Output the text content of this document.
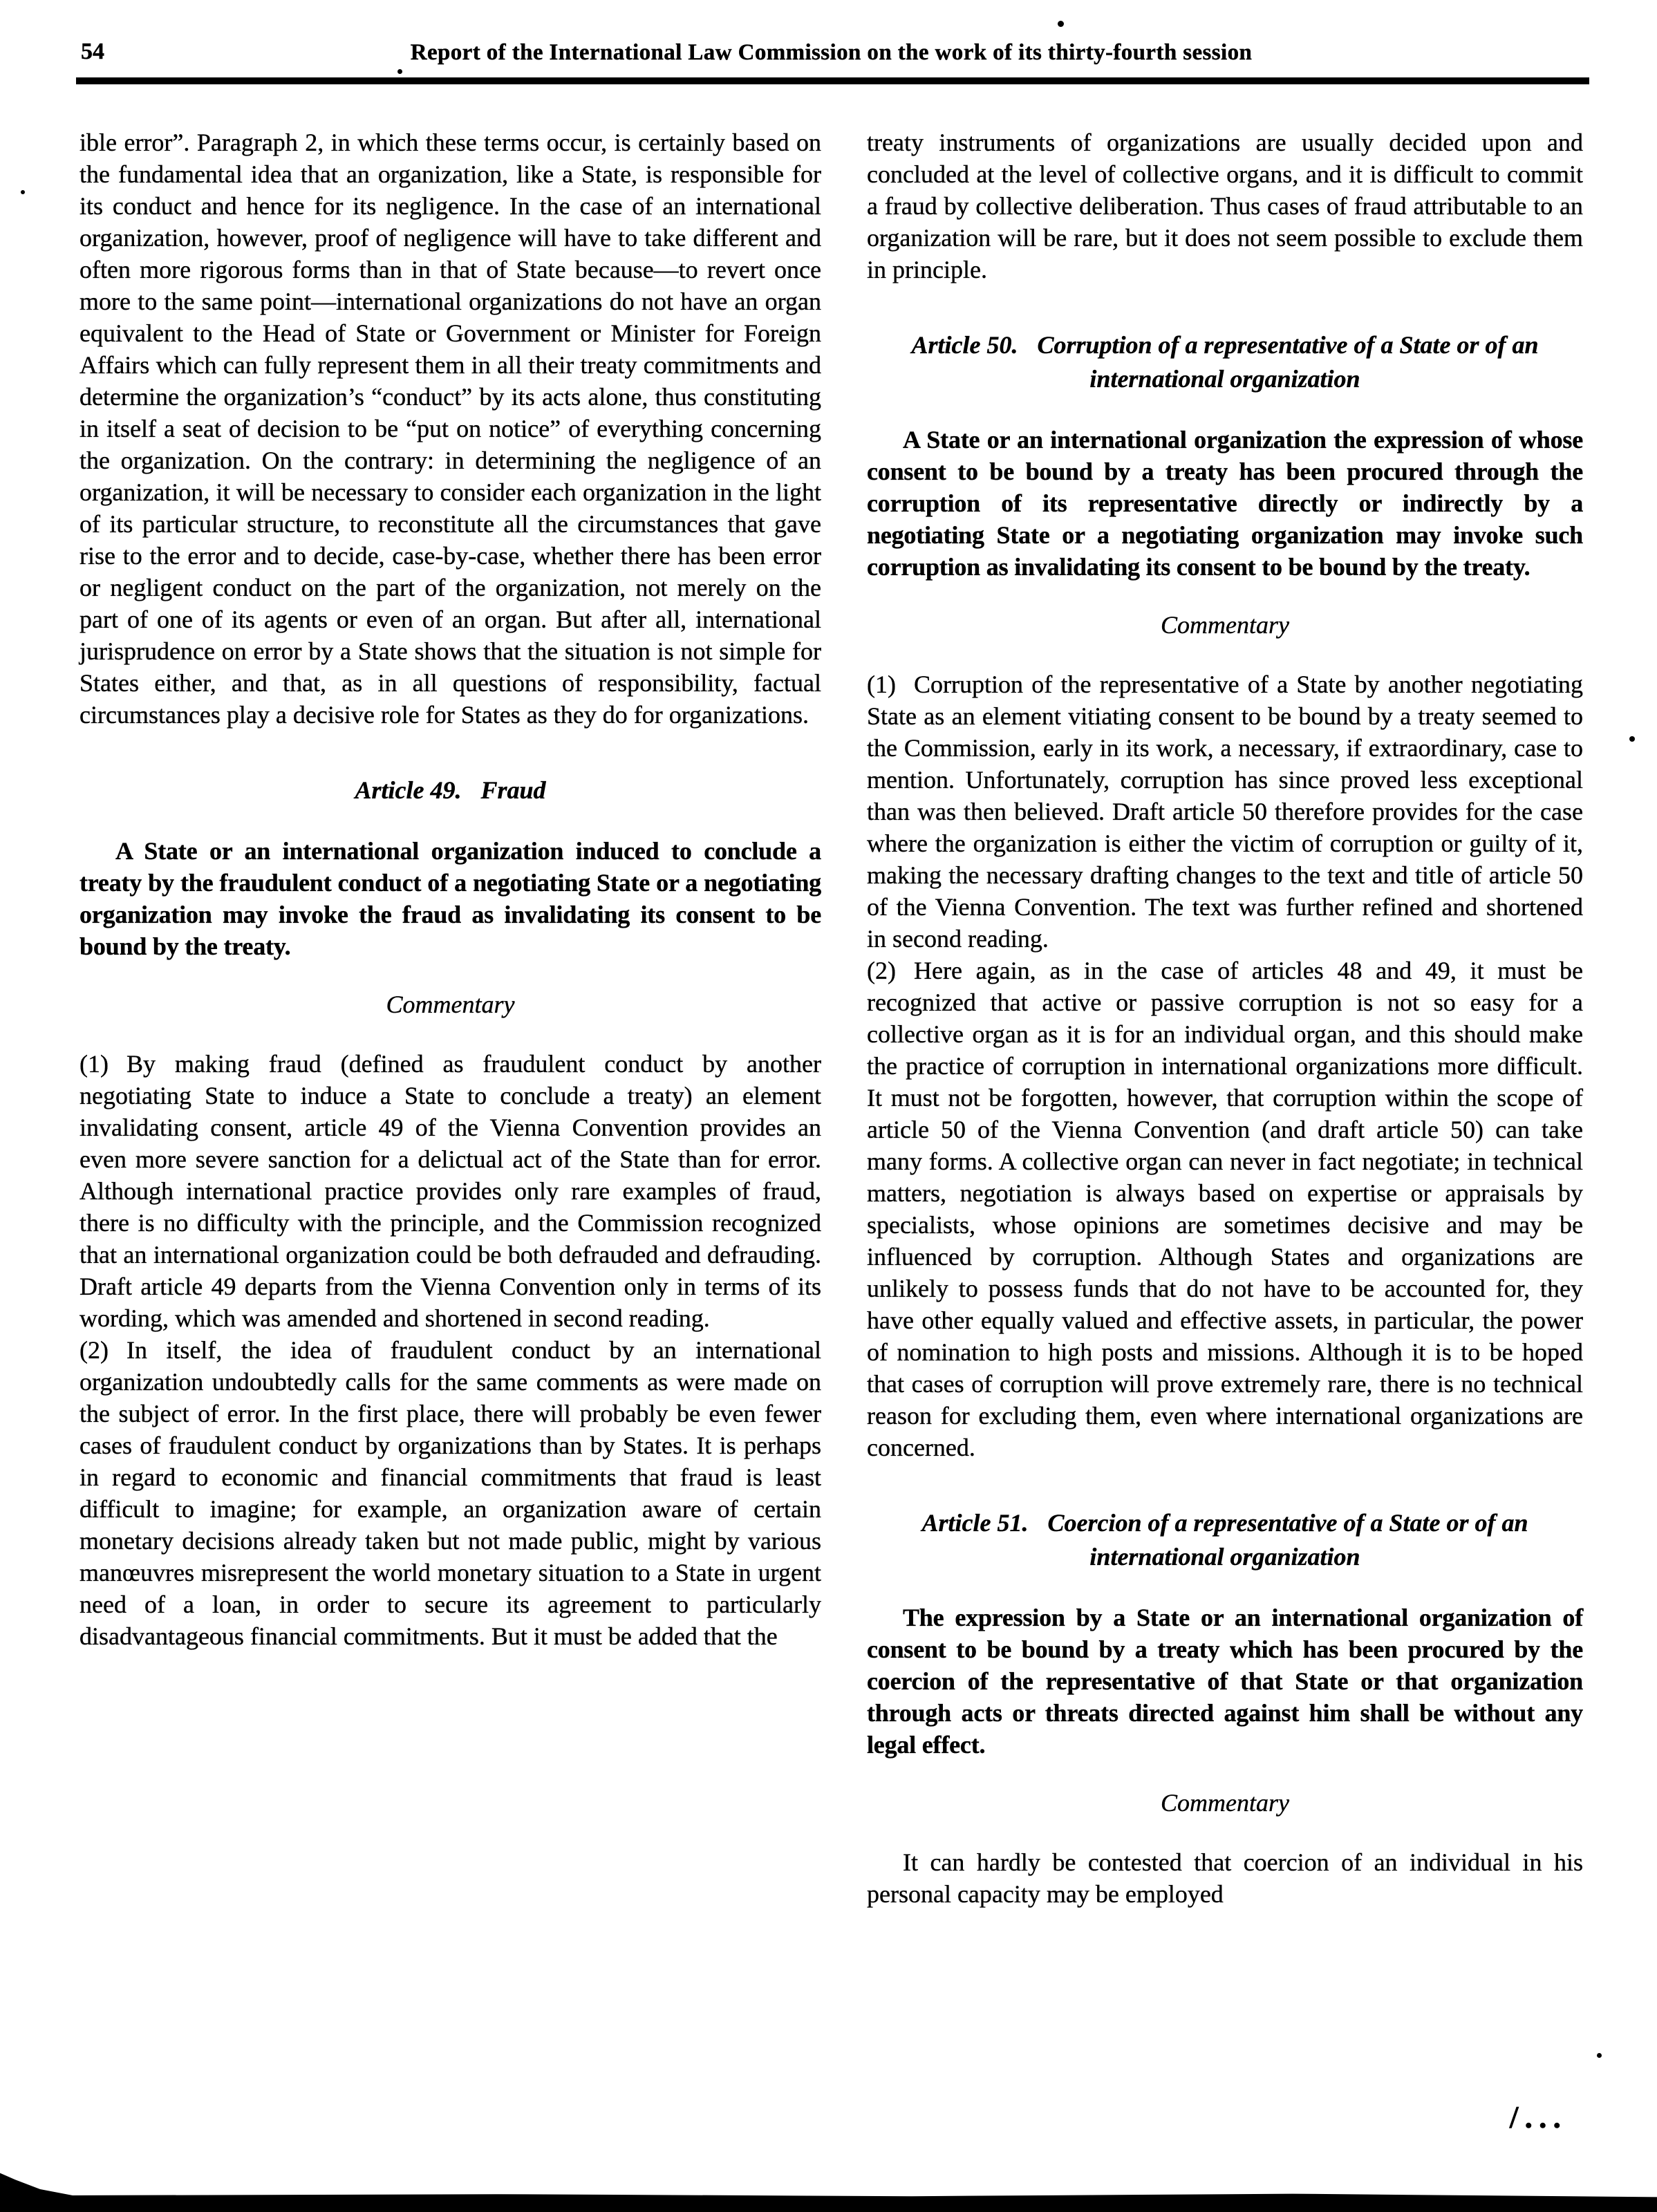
54	Report of the International Law Commission on the work of its thirty-fourth session

ible error”. Paragraph 2, in which these terms occur, is certainly based on the fundamental idea that an organization, like a State, is responsible for its conduct and hence for its negligence. In the case of an international organization, however, proof of negligence will have to take different and often more rigorous forms than in that of State because—to revert once more to the same point—international organizations do not have an organ equivalent to the Head of State or Government or Minister for Foreign Affairs which can fully represent them in all their treaty commitments and determine the organization’s “conduct” by its acts alone, thus constituting in itself a seat of decision to be “put on notice” of everything concerning the organization. On the contrary: in determining the negligence of an organization, it will be necessary to consider each organization in the light of its particular structure, to reconstitute all the circumstances that gave rise to the error and to decide, case-by-case, whether there has been error or negligent conduct on the part of the organization, not merely on the part of one of its agents or even of an organ. But after all, international jurisprudence on error by a State shows that the situation is not simple for States either, and that, as in all questions of responsibility, factual circumstances play a decisive role for States as they do for organizations.

Article 49. Fraud

A State or an international organization induced to conclude a treaty by the fraudulent conduct of a negotiating State or a negotiating organization may invoke the fraud as invalidating its consent to be bound by the treaty.

Commentary

(1) By making fraud (defined as fraudulent conduct by another negotiating State to induce a State to conclude a treaty) an element invalidating consent, article 49 of the Vienna Convention provides an even more severe sanction for a delictual act of the State than for error. Although international practice provides only rare examples of fraud, there is no difficulty with the principle, and the Commission recognized that an international organization could be both defrauded and defrauding. Draft article 49 departs from the Vienna Convention only in terms of its wording, which was amended and shortened in second reading.

(2) In itself, the idea of fraudulent conduct by an international organization undoubtedly calls for the same comments as were made on the subject of error. In the first place, there will probably be even fewer cases of fraudulent conduct by organizations than by States. It is perhaps in regard to economic and financial commitments that fraud is least difficult to imagine; for example, an organization aware of certain monetary decisions already taken but not made public, might by various manœuvres misrepresent the world monetary situation to a State in urgent need of a loan, in order to secure its agreement to particularly disadvantageous financial commitments. But it must be added that the

treaty instruments of organizations are usually decided upon and concluded at the level of collective organs, and it is difficult to commit a fraud by collective deliberation. Thus cases of fraud attributable to an organization will be rare, but it does not seem possible to exclude them in principle.

Article 50. Corruption of a representative of a State or of an international organization

A State or an international organization the expression of whose consent to be bound by a treaty has been procured through the corruption of its representative directly or indirectly by a negotiating State or a negotiating organization may invoke such corruption as invalidating its consent to be bound by the treaty.

Commentary

(1) Corruption of the representative of a State by another negotiating State as an element vitiating consent to be bound by a treaty seemed to the Commission, early in its work, a necessary, if extraordinary, case to mention. Unfortunately, corruption has since proved less exceptional than was then believed. Draft article 50 therefore provides for the case where the organization is either the victim of corruption or guilty of it, making the necessary drafting changes to the text and title of article 50 of the Vienna Convention. The text was further refined and shortened in second reading.

(2) Here again, as in the case of articles 48 and 49, it must be recognized that active or passive corruption is not so easy for a collective organ as it is for an individual organ, and this should make the practice of corruption in international organizations more difficult. It must not be forgotten, however, that corruption within the scope of article 50 of the Vienna Convention (and draft article 50) can take many forms. A collective organ can never in fact negotiate; in technical matters, negotiation is always based on expertise or appraisals by specialists, whose opinions are sometimes decisive and may be influenced by corruption. Although States and organizations are unlikely to possess funds that do not have to be accounted for, they have other equally valued and effective assets, in particular, the power of nomination to high posts and missions. Although it is to be hoped that cases of corruption will prove extremely rare, there is no technical reason for excluding them, even where international organizations are concerned.

Article 51. Coercion of a representative of a State or of an international organization

The expression by a State or an international organization of consent to be bound by a treaty which has been procured by the coercion of the representative of that State or that organization through acts or threats directed against him shall be without any legal effect.

Commentary

It can hardly be contested that coercion of an individual in his personal capacity may be employed

/...
